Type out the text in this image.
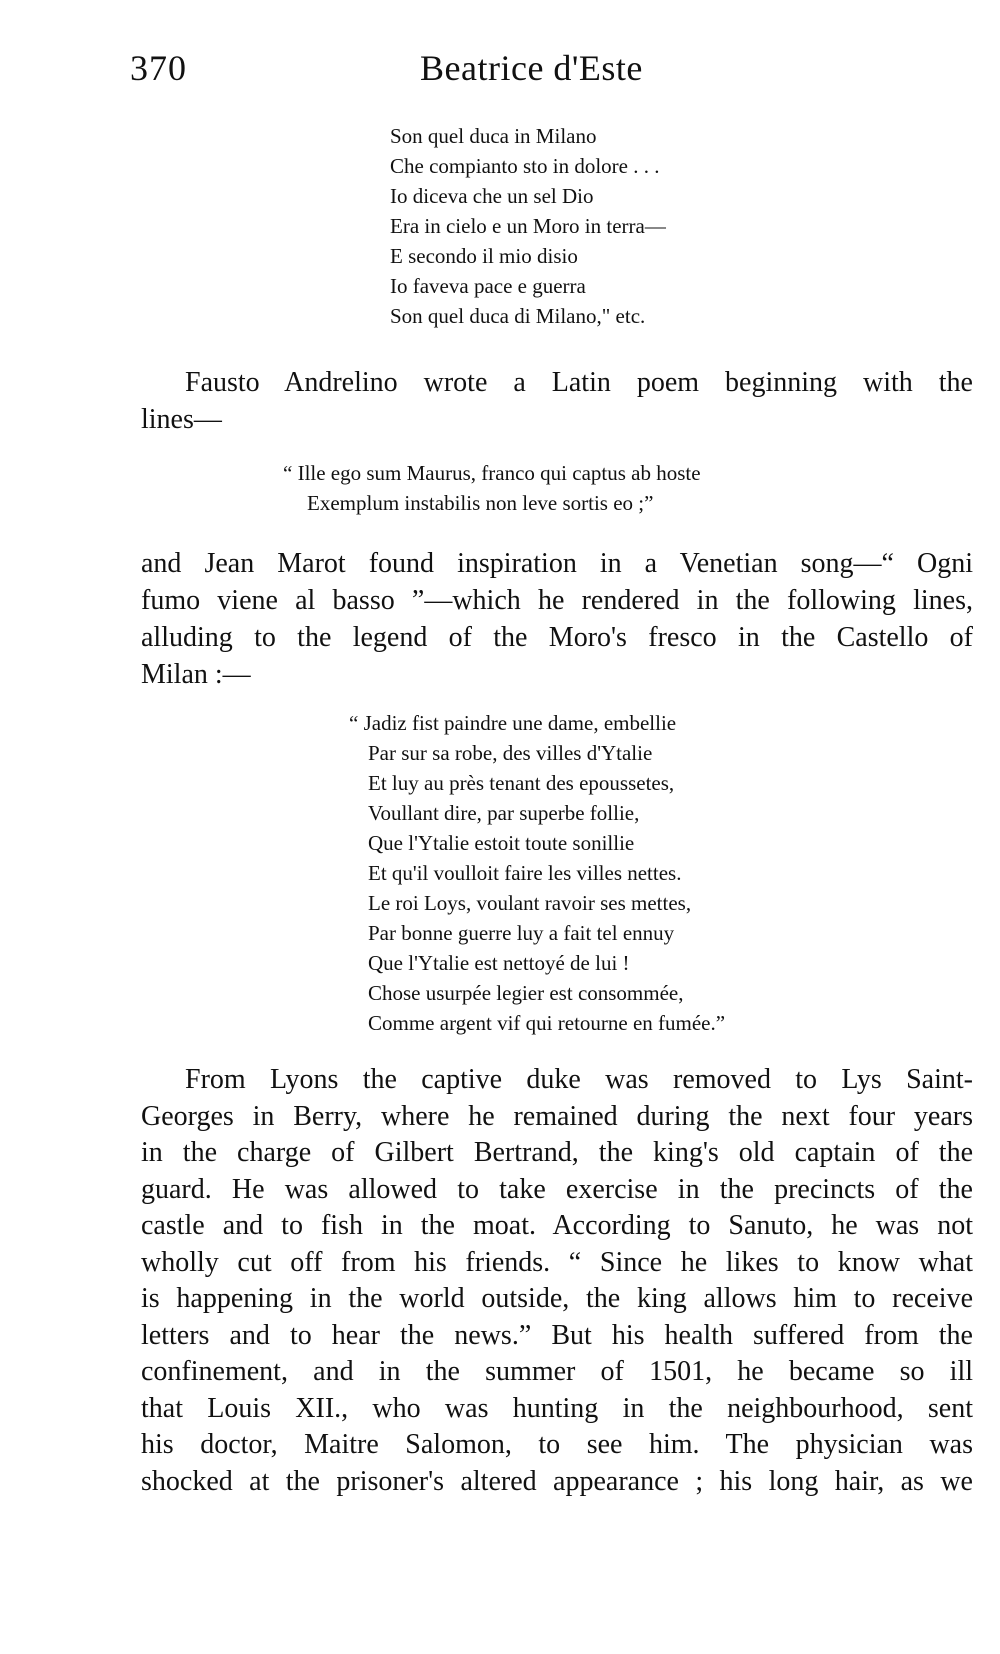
370	Beatrice d'Este
Son quel duca in Milano
Che compianto sto in dolore . . .
Io diceva che un sel Dio
Era in cielo e un Moro in terra—
E secondo il mio disio
Io faveva pace e guerra
Son quel duca di Milano," etc.
Fausto Andrelino wrote a Latin poem beginning with the
lines—
“ Ille ego sum Maurus, franco qui captus ab hoste
Exemplum instabilis non leve sortis eo ;”
and Jean Marot found inspiration in a Venetian song—“ Ogni
fumo viene al basso ”—which he rendered in the following lines,
alluding to the legend of the Moro's fresco in the Castello of
Milan :—
“ Jadiz fist paindre une dame, embellie
Par sur sa robe, des villes d'Ytalie
Et luy au près tenant des epoussetes,
Voullant dire, par superbe follie,
Que l'Ytalie estoit toute sonillie
Et qu'il voulloit faire les villes nettes.
Le roi Loys, voulant ravoir ses mettes,
Par bonne guerre luy a fait tel ennuy
Que l'Ytalie est nettoyé de lui !
Chose usurpée legier est consommée,
Comme argent vif qui retourne en fumée.”
From Lyons the captive duke was removed to Lys Saint-
Georges in Berry, where he remained during the next four years
in the charge of Gilbert Bertrand, the king's old captain of the
guard. He was allowed to take exercise in the precincts of the
castle and to fish in the moat. According to Sanuto, he was not
wholly cut off from his friends. “ Since he likes to know what
is happening in the world outside, the king allows him to receive
letters and to hear the news.” But his health suffered from the
confinement, and in the summer of 1501, he became so ill
that Louis XII., who was hunting in the neighbourhood, sent
his doctor, Maitre Salomon, to see him. The physician was
shocked at the prisoner's altered appearance ; his long hair, as we
